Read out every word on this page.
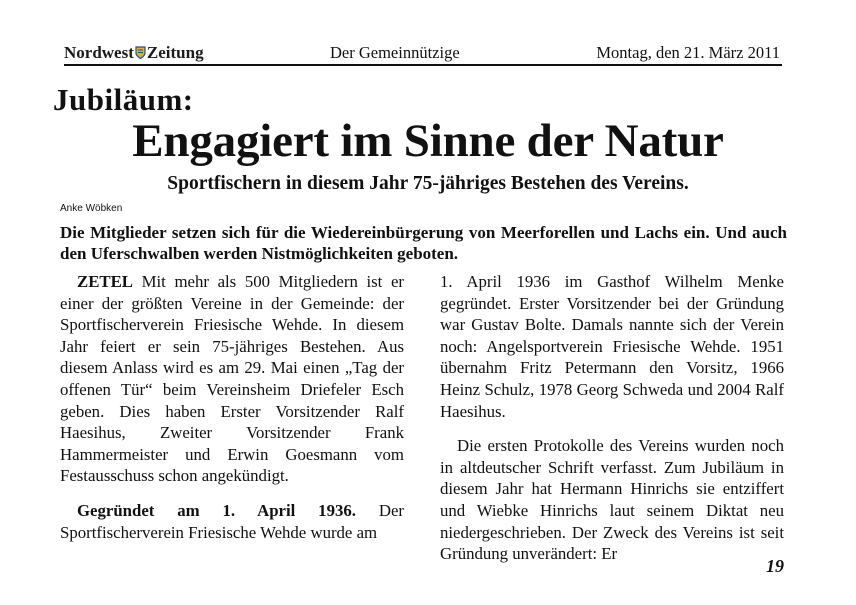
Nordwest Zeitung	Der Gemeinnützige	Montag, den 21. März 2011
Jubiläum:
Engagiert im Sinne der Natur
Sportfischern in diesem Jahr 75-jähriges Bestehen des Vereins.
Anke Wöbken
Die Mitglieder setzen sich für die Wiedereinbürgerung von Meerforellen und Lachs ein. Und auch den Uferschwalben werden Nistmöglichkeiten geboten.

ZETEL Mit mehr als 500 Mitgliedern ist er einer der größten Vereine in der Gemeinde: der Sportfischerverein Friesische Wehde. In diesem Jahr feiert er sein 75-jähriges Bestehen. Aus diesem Anlass wird es am 29. Mai einen „Tag der offenen Tür“ beim Vereinsheim Driefeler Esch geben. Dies haben Erster Vorsitzender Ralf Haesihus, Zweiter Vorsitzender Frank Hammermeister und Erwin Goesmann vom Festausschuss schon angekündigt.

Gegründet am 1. April 1936. Der Sportfischerverein Friesische Wehde wurde am

1. April 1936 im Gasthof Wilhelm Menke gegründet. Erster Vorsitzender bei der Gründung war Gustav Bolte. Damals nannte sich der Verein noch: Angelsportverein Friesische Wehde. 1951 übernahm Fritz Petermann den Vorsitz, 1966 Heinz Schulz, 1978 Georg Schweda und 2004 Ralf Haesihus.

Die ersten Protokolle des Vereins wurden noch in altdeutscher Schrift verfasst. Zum Jubiläum in diesem Jahr hat Hermann Hinrichs sie entziffert und Wiebke Hinrichs laut seinem Diktat neu niedergeschrieben. Der Zweck des Vereins ist seit Gründung unverändert: Er

19
